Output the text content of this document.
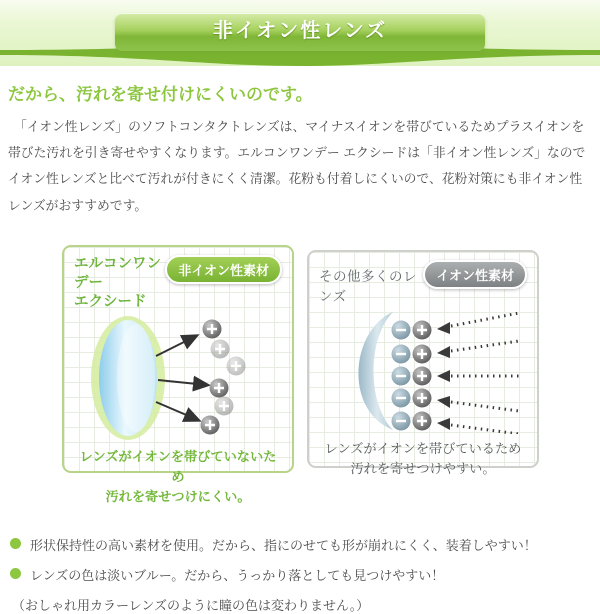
非イオン性レンズ
だから、汚れを寄せ付けにくいのです。

「イオン性レンズ」のソフトコンタクトレンズは、マイナスイオンを帯びているためプラスイオンを帯びた汚れを引き寄せやすくなります。エルコンワンデー エクシードは「非イオン性レンズ」なのでイオン性レンズと比べて汚れが付きにくく清潔。花粉も付着しにくいので、花粉対策にも非イオン性レンズがおすすめです。

エルコンワンデー
エクシード
非イオン性素材

レンズがイオンを帯びていないため
汚れを寄せつけにくい。

その他多くのレンズ
イオン性素材

レンズがイオンを帯びているため
汚れを寄せつけやすい。

形状保持性の高い素材を使用。だから、指にのせても形が崩れにくく、装着しやすい！
レンズの色は淡いブルー。だから、うっかり落としても見つけやすい！

（おしゃれ用カラーレンズのように瞳の色は変わりません。）
